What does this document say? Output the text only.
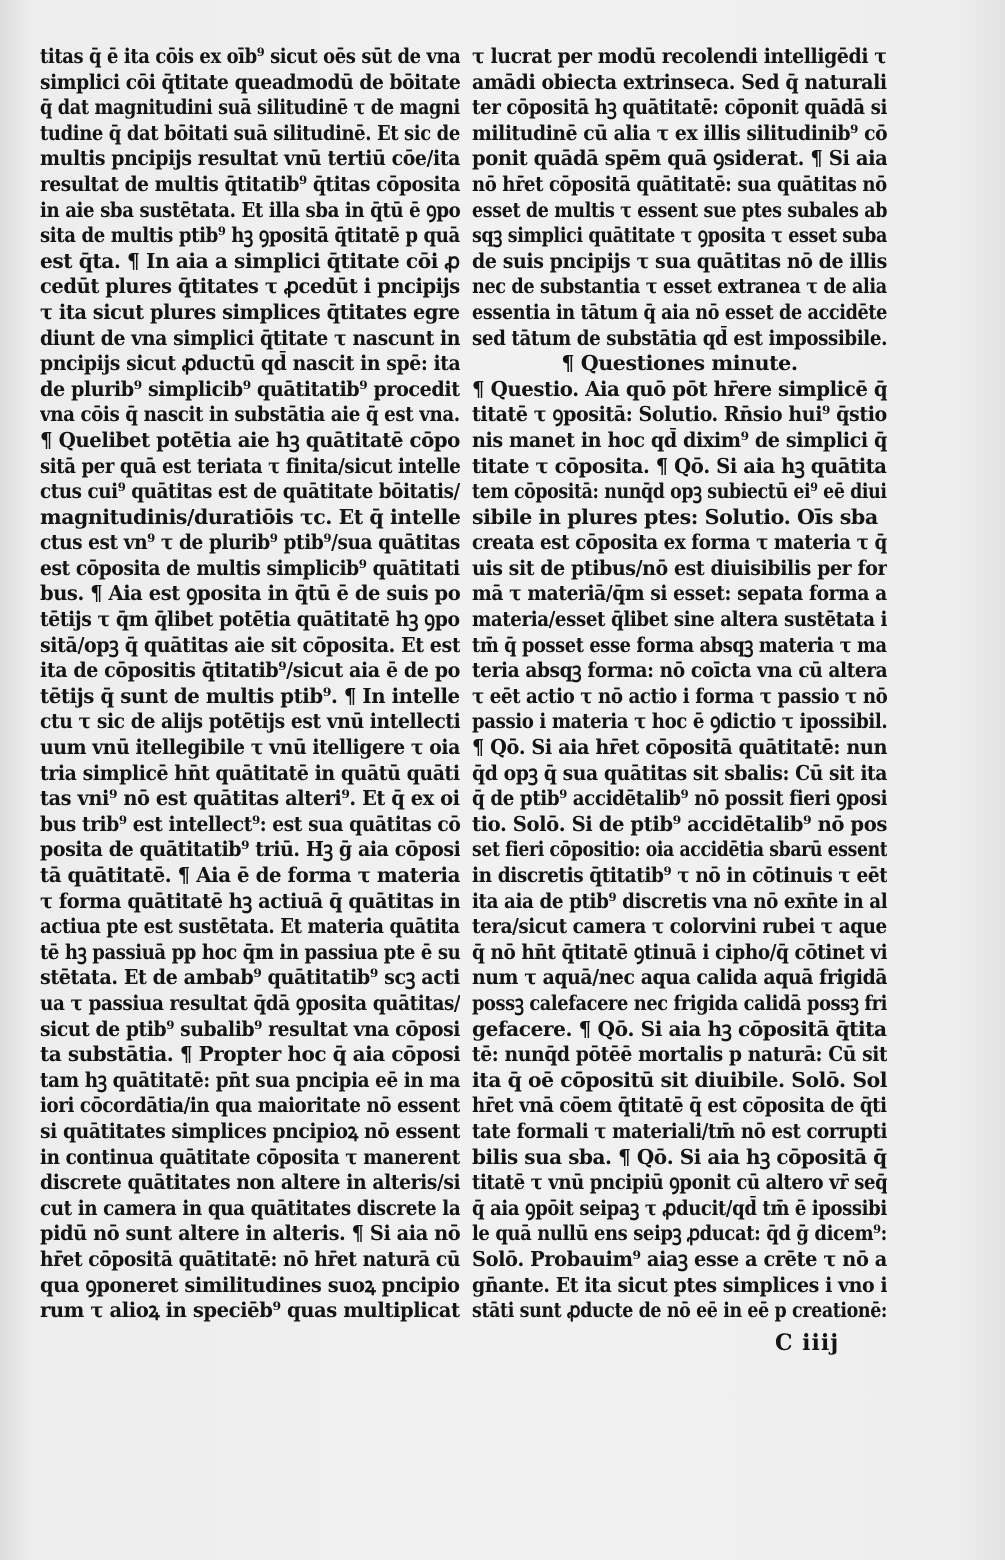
titas q̄ ē ita cōis ex oīb⁹ sicut oēs sūt de vna
simplici cōi q̄titate queadmodū de bōitate
q̄ dat magnitudini suā silitudinē τ de magni
tudine q̄ dat bōitati suā silitudinē. Et sic de
multis pncipijs resultat vnū tertiū cōe/ita
resultat de multis q̄titatib⁹ q̄titas cōposita
in aie sba sustētata. Et illa sba in q̄tū ē ꝯpo
sita de multis ptib⁹ hꝫ ꝯpositā q̄titatē p quā
est q̄ta. ¶ In aia a simplici q̄titate cōi ꝓ
cedūt plures q̄titates τ ꝓcedūt i pncipijs
τ ita sicut plures simplices q̄titates egre
diunt de vna simplici q̄titate τ nascunt in
pncipijs sicut ꝓductū qd̄ nascit in spē: ita
de plurib⁹ simplicib⁹ quātitatib⁹ procedit
vna cōis q̄ nascit in substātia aie q̄ est vna.
¶ Quelibet potētia aie hꝫ quātitatē cōpo
sitā per quā est teriata τ finita/sicut intelle
ctus cui⁹ quātitas est de quātitate bōitatis/
magnitudinis/duratiōis τc. Et q̄ intelle
ctus est vn⁹ τ de plurib⁹ ptib⁹/sua quātitas
est cōposita de multis simplicib⁹ quātitati
bus. ¶ Aia est ꝯposita in q̄tū ē de suis po
tētijs τ q̄m q̄libet potētia quātitatē hꝫ ꝯpo
sitā/opꝫ q̄ quātitas aie sit cōposita. Et est
ita de cōpositis q̄titatib⁹/sicut aia ē de po
tētijs q̄ sunt de multis ptib⁹. ¶ In intelle
ctu τ sic de alijs potētijs est vnū intellecti
uum vnū itellegibile τ vnū itelligere τ oia
tria simplicē hn̄t quātitatē in quātū quāti
tas vni⁹ nō est quātitas alteri⁹. Et q̄ ex oi
bus trib⁹ est intellect⁹: est sua quātitas cō
posita de quātitatib⁹ triū. Hꝫ ḡ aia cōposi
tā quātitatē. ¶ Aia ē de forma τ materia
τ forma quātitatē hꝫ actiuā q̄ quātitas in
actiua pte est sustētata. Et materia quātita
tē hꝫ passiuā pp hoc q̄m in passiua pte ē su
stētata. Et de ambab⁹ quātitatib⁹ scꝫ acti
ua τ passiua resultat q̄dā ꝯposita quātitas/
sicut de ptib⁹ subalib⁹ resultat vna cōposi
ta substātia. ¶ Propter hoc q̄ aia cōposi
tam hꝫ quātitatē: pn̄t sua pncipia eē in ma
iori cōcordātia/in qua maioritate nō essent
si quātitates simplices pncipioꝝ nō essent
in continua quātitate cōposita τ manerent
discrete quātitates non altere in alteris/si
cut in camera in qua quātitates discrete la
pidū nō sunt altere in alteris. ¶ Si aia nō
hr̄et cōpositā quātitatē: nō hr̄et naturā cū
qua ꝯponeret similitudines suoꝝ pncipio
rum τ alioꝝ in speciēb⁹ quas multiplicat
τ lucrat per modū recolendi intelligēdi τ
amādi obiecta extrinseca. Sed q̄ naturali
ter cōpositā hꝫ quātitatē: cōponit quādā si
militudinē cū alia τ ex illis silitudinib⁹ cō
ponit quādā spēm quā ꝯsiderat. ¶ Si aia
nō hr̄et cōpositā quātitatē: sua quātitas nō
esset de multis τ essent sue ptes subales ab
sqꝫ simplici quātitate τ ꝯposita τ esset suba
de suis pncipijs τ sua quātitas nō de illis
nec de substantia τ esset extranea τ de alia
essentia in tātum q̄ aia nō esset de accidēte
sed tātum de substātia qd̄ est impossibile.
¶ Questiones minute.
¶ Questio. Aia quō pōt hr̄ere simplicē q̄
titatē τ ꝯpositā: Solutio. Rn̄sio hui⁹ q̄stio
nis manet in hoc qd̄ dixim⁹ de simplici q̄
titate τ cōposita. ¶ Qō. Si aia hꝫ quātita
tem cōpositā: nunq̄d opꝫ subiectū ei⁹ eē diui
sibile in plures ptes: Solutio. Oīs sba
creata est cōposita ex forma τ materia τ q̄
uis sit de ptibus/nō est diuisibilis per for
mā τ materiā/q̄m si esset: sepata forma a
materia/esset q̄libet sine altera sustētata i
tm̄ q̄ posset esse forma absqꝫ materia τ ma
teria absqꝫ forma: nō coīcta vna cū altera
τ eēt actio τ nō actio i forma τ passio τ nō
passio i materia τ hoc ē ꝯdictio τ ipossibil.
¶ Qō. Si aia hr̄et cōpositā quātitatē: nun
q̄d opꝫ q̄ sua quātitas sit sbalis: Cū sit ita
q̄ de ptib⁹ accidētalib⁹ nō possit fieri ꝯposi
tio. Solō. Si de ptib⁹ accidētalib⁹ nō pos
set fieri cōpositio: oia accidētia sbarū essent
in discretis q̄titatib⁹ τ nō in cōtinuis τ eēt
ita aia de ptib⁹ discretis vna nō exn̄te in al
tera/sicut camera τ colorvini rubei τ aque
q̄ nō hn̄t q̄titatē ꝯtinuā i cipho/q̄ cōtinet vi
num τ aquā/nec aqua calida aquā frigidā
possꝫ calefacere nec frigida calidā possꝫ fri
gefacere. ¶ Qō. Si aia hꝫ cōpositā q̄tita
tē: nunq̄d pōtēē mortalis p naturā: Cū sit
ita q̄ oē cōpositū sit diuibile. Solō. Sol
hr̄et vnā cōem q̄titatē q̄ est cōposita de q̄ti
tate formali τ materiali/tm̄ nō est corrupti
bilis sua sba. ¶ Qō. Si aia hꝫ cōpositā q̄
titatē τ vnū pncipiū ꝯponit cū altero vr̄ seq̄
q̄ aia ꝯpōit seipaꝫ τ ꝓducit/qd̄ tm̄ ē ipossibi
le quā nullū ens seipꝫ ꝓducat: q̄d ḡ dicem⁹:
Solō. Probauim⁹ aiaꝫ esse a crēte τ nō a
gn̄ante. Et ita sicut ptes simplices i vno i
stāti sunt ꝓducte de nō eē in eē p creationē:
C iiij
